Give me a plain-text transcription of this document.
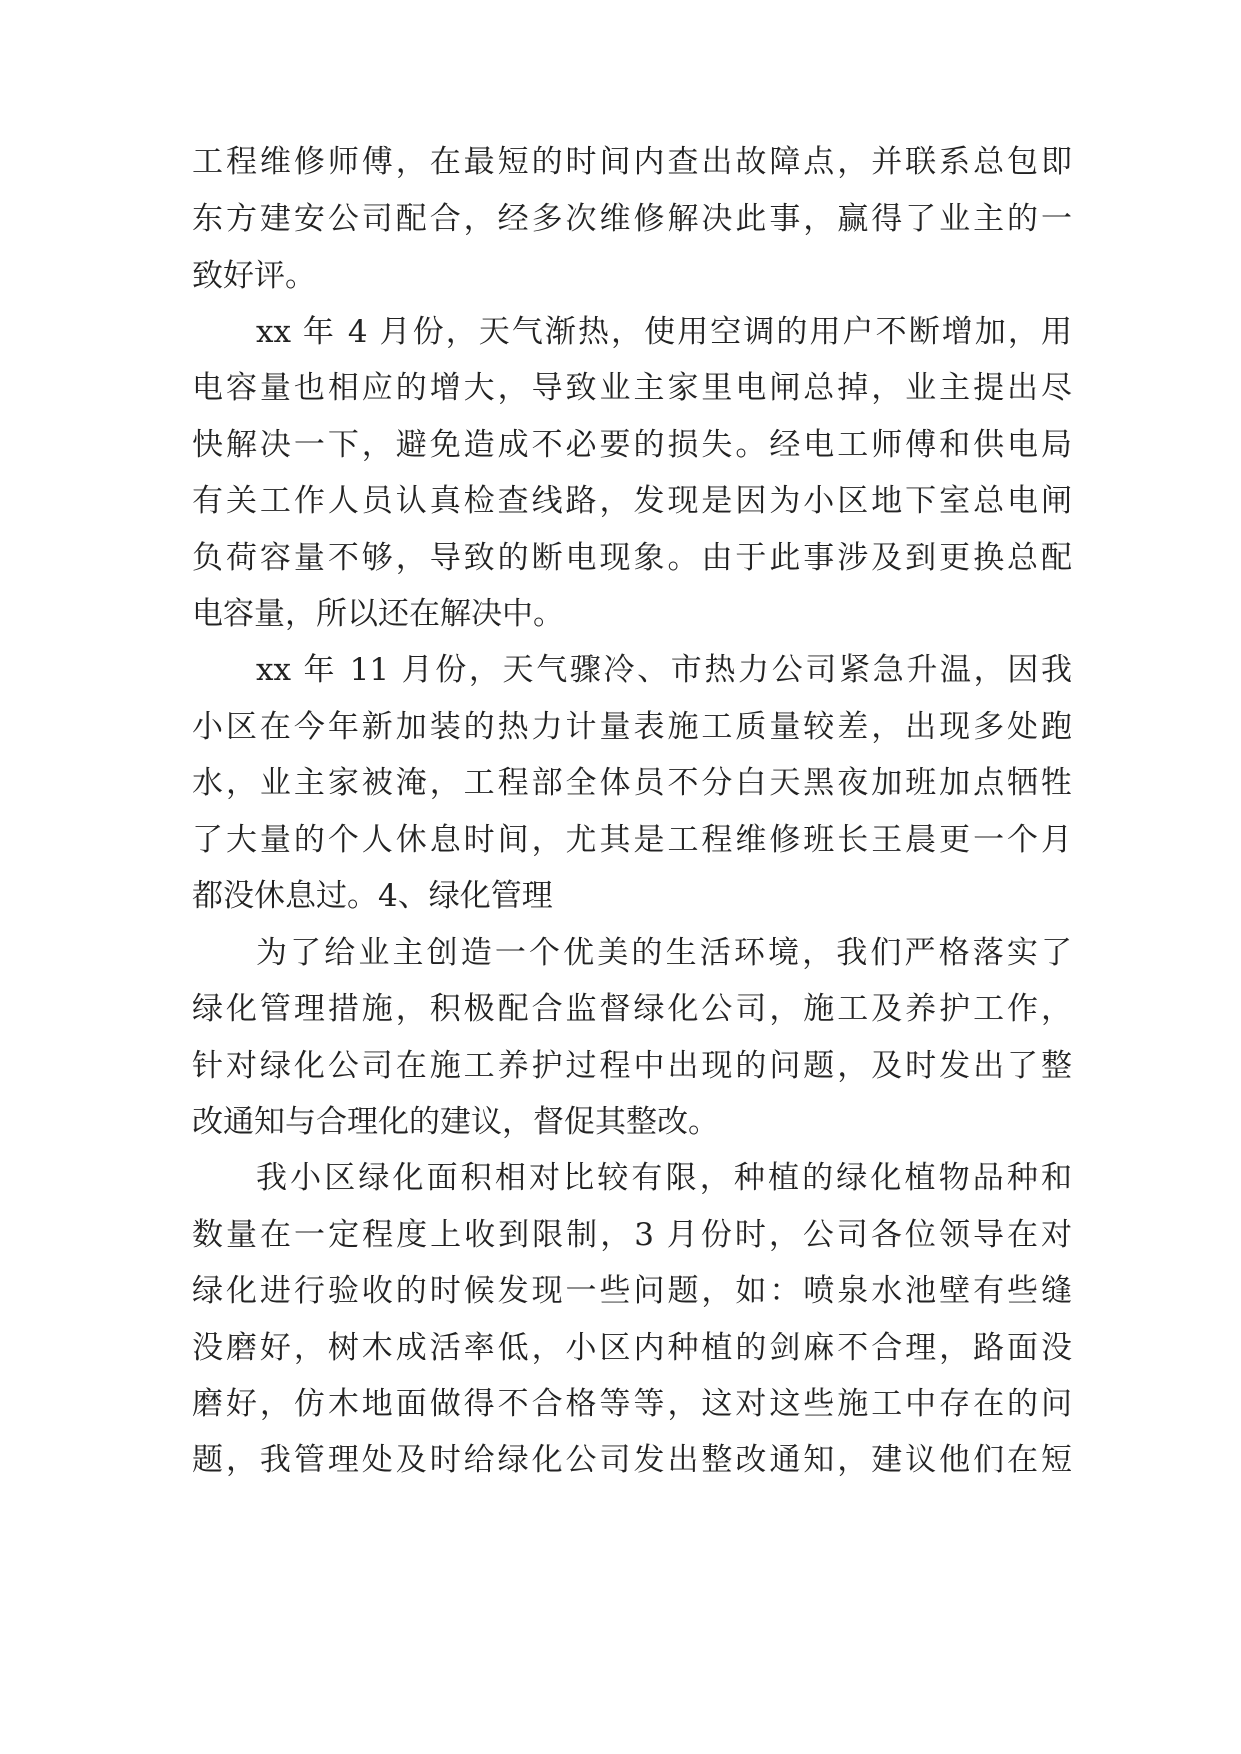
工程维修师傅，在最短的时间内查出故障点，并联系总包即
东方建安公司配合，经多次维修解决此事，赢得了业主的一
致好评。
xx 年 4 月份，天气渐热，使用空调的用户不断增加，用
电容量也相应的增大，导致业主家里电闸总掉，业主提出尽
快解决一下，避免造成不必要的损失。经电工师傅和供电局
有关工作人员认真检查线路，发现是因为小区地下室总电闸
负荷容量不够，导致的断电现象。由于此事涉及到更换总配
电容量，所以还在解决中。
xx 年 11 月份，天气骤冷、市热力公司紧急升温，因我
小区在今年新加装的热力计量表施工质量较差，出现多处跑
水，业主家被淹，工程部全体员不分白天黑夜加班加点牺牲
了大量的个人休息时间，尤其是工程维修班长王晨更一个月
都没休息过。4、绿化管理
为了给业主创造一个优美的生活环境，我们严格落实了
绿化管理措施，积极配合监督绿化公司，施工及养护工作，
针对绿化公司在施工养护过程中出现的问题，及时发出了整
改通知与合理化的建议，督促其整改。
我小区绿化面积相对比较有限，种植的绿化植物品种和
数量在一定程度上收到限制，3 月份时，公司各位领导在对
绿化进行验收的时候发现一些问题，如：喷泉水池壁有些缝
没磨好，树木成活率低，小区内种植的剑麻不合理，路面没
磨好，仿木地面做得不合格等等，这对这些施工中存在的问
题，我管理处及时给绿化公司发出整改通知，建议他们在短
